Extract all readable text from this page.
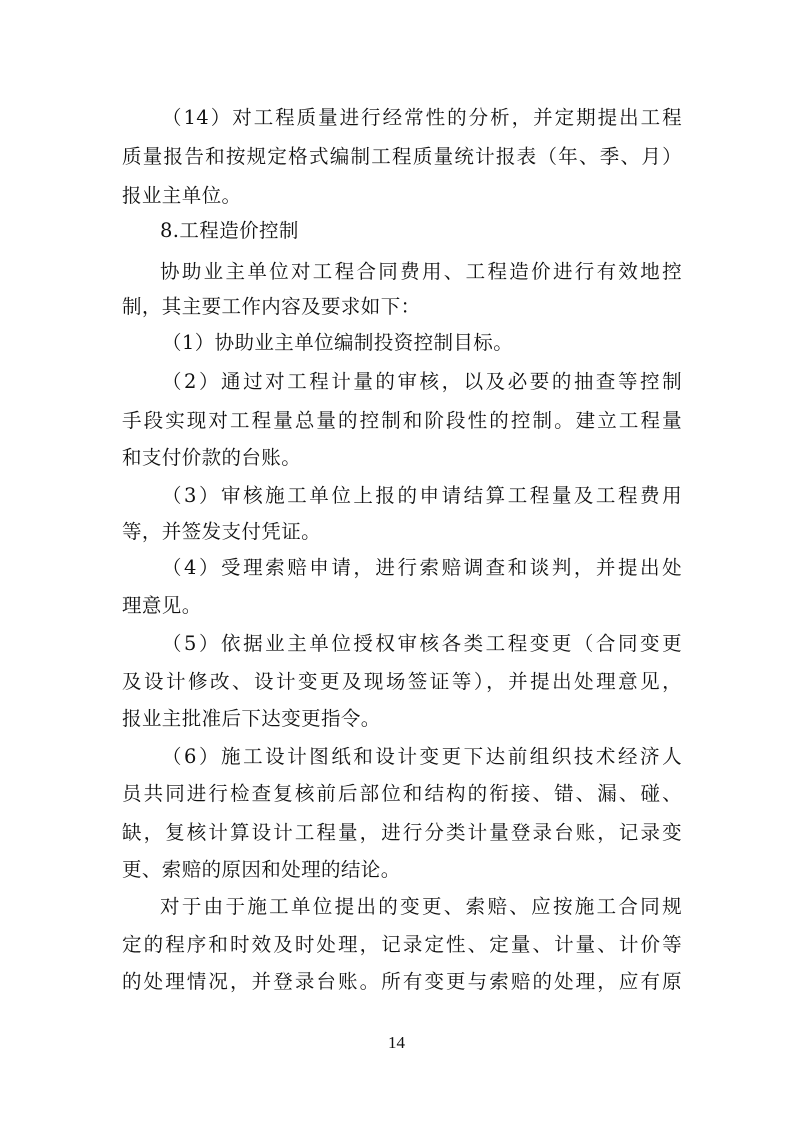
（14）对工程质量进行经常性的分析，并定期提出工程
质量报告和按规定格式编制工程质量统计报表（年、季、月）
报业主单位。
8.工程造价控制
协助业主单位对工程合同费用、工程造价进行有效地控
制，其主要工作内容及要求如下：
（1）协助业主单位编制投资控制目标。
（2）通过对工程计量的审核，以及必要的抽查等控制
手段实现对工程量总量的控制和阶段性的控制。建立工程量
和支付价款的台账。
（3）审核施工单位上报的申请结算工程量及工程费用
等，并签发支付凭证。
（4）受理索赔申请，进行索赔调查和谈判，并提出处
理意见。
（5）依据业主单位授权审核各类工程变更（合同变更
及设计修改、设计变更及现场签证等），并提出处理意见，
报业主批准后下达变更指令。
（6）施工设计图纸和设计变更下达前组织技术经济人
员共同进行检查复核前后部位和结构的衔接、错、漏、碰、
缺，复核计算设计工程量，进行分类计量登录台账，记录变
更、索赔的原因和处理的结论。
对于由于施工单位提出的变更、索赔、应按施工合同规
定的程序和时效及时处理，记录定性、定量、计量、计价等
的处理情况，并登录台账。所有变更与索赔的处理，应有原
14
